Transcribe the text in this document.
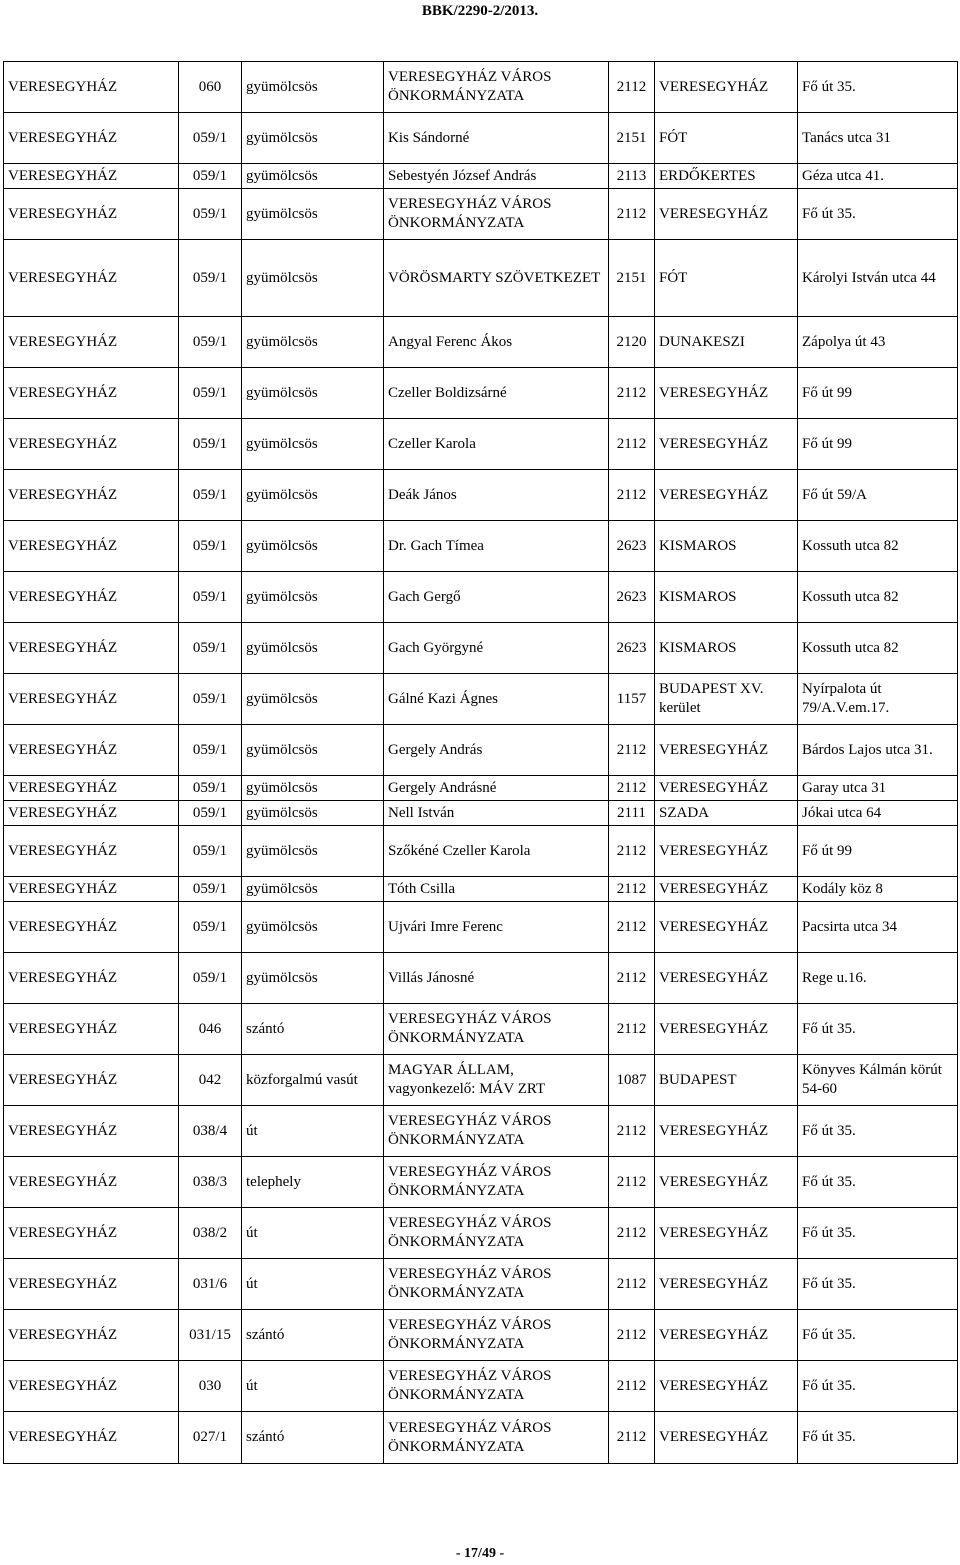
BBK/2290-2/2013.
VERESEGYHÁZ	060	gyümölcsös	VERESEGYHÁZ VÁROS ÖNKORMÁNYZATA	2112	VERESEGYHÁZ	Fő út 35.
VERESEGYHÁZ	059/1	gyümölcsös	Kis Sándorné	2151	FÓT	Tanács utca 31
VERESEGYHÁZ	059/1	gyümölcsös	Sebestyén József András	2113	ERDŐKERTES	Géza utca 41.
VERESEGYHÁZ	059/1	gyümölcsös	VERESEGYHÁZ VÁROS ÖNKORMÁNYZATA	2112	VERESEGYHÁZ	Fő út 35.
VERESEGYHÁZ	059/1	gyümölcsös	VÖRÖSMARTY SZÖVETKEZET	2151	FÓT	Károlyi István utca 44
VERESEGYHÁZ	059/1	gyümölcsös	Angyal Ferenc Ákos	2120	DUNAKESZI	Zápolya út 43
VERESEGYHÁZ	059/1	gyümölcsös	Czeller Boldizsárné	2112	VERESEGYHÁZ	Fő út 99
VERESEGYHÁZ	059/1	gyümölcsös	Czeller Karola	2112	VERESEGYHÁZ	Fő út 99
VERESEGYHÁZ	059/1	gyümölcsös	Deák János	2112	VERESEGYHÁZ	Fő út 59/A
VERESEGYHÁZ	059/1	gyümölcsös	Dr. Gach Tímea	2623	KISMAROS	Kossuth utca 82
VERESEGYHÁZ	059/1	gyümölcsös	Gach Gergő	2623	KISMAROS	Kossuth utca 82
VERESEGYHÁZ	059/1	gyümölcsös	Gach Györgyné	2623	KISMAROS	Kossuth utca 82
VERESEGYHÁZ	059/1	gyümölcsös	Gálné Kazi Ágnes	1157	BUDAPEST XV. kerület	Nyírpalota út 79/A.V.em.17.
VERESEGYHÁZ	059/1	gyümölcsös	Gergely András	2112	VERESEGYHÁZ	Bárdos Lajos utca 31.
VERESEGYHÁZ	059/1	gyümölcsös	Gergely Andrásné	2112	VERESEGYHÁZ	Garay utca 31
VERESEGYHÁZ	059/1	gyümölcsös	Nell István	2111	SZADA	Jókai utca 64
VERESEGYHÁZ	059/1	gyümölcsös	Szőkéné Czeller Karola	2112	VERESEGYHÁZ	Fő út 99
VERESEGYHÁZ	059/1	gyümölcsös	Tóth Csilla	2112	VERESEGYHÁZ	Kodály köz 8
VERESEGYHÁZ	059/1	gyümölcsös	Ujvári Imre Ferenc	2112	VERESEGYHÁZ	Pacsirta utca 34
VERESEGYHÁZ	059/1	gyümölcsös	Villás Jánosné	2112	VERESEGYHÁZ	Rege u.16.
VERESEGYHÁZ	046	szántó	VERESEGYHÁZ VÁROS ÖNKORMÁNYZATA	2112	VERESEGYHÁZ	Fő út 35.
VERESEGYHÁZ	042	közforgalmú vasút	MAGYAR ÁLLAM, vagyonkezelő: MÁV ZRT	1087	BUDAPEST	Könyves Kálmán körút 54-60
VERESEGYHÁZ	038/4	út	VERESEGYHÁZ VÁROS ÖNKORMÁNYZATA	2112	VERESEGYHÁZ	Fő út 35.
VERESEGYHÁZ	038/3	telephely	VERESEGYHÁZ VÁROS ÖNKORMÁNYZATA	2112	VERESEGYHÁZ	Fő út 35.
VERESEGYHÁZ	038/2	út	VERESEGYHÁZ VÁROS ÖNKORMÁNYZATA	2112	VERESEGYHÁZ	Fő út 35.
VERESEGYHÁZ	031/6	út	VERESEGYHÁZ VÁROS ÖNKORMÁNYZATA	2112	VERESEGYHÁZ	Fő út 35.
VERESEGYHÁZ	031/15	szántó	VERESEGYHÁZ VÁROS ÖNKORMÁNYZATA	2112	VERESEGYHÁZ	Fő út 35.
VERESEGYHÁZ	030	út	VERESEGYHÁZ VÁROS ÖNKORMÁNYZATA	2112	VERESEGYHÁZ	Fő út 35.
VERESEGYHÁZ	027/1	szántó	VERESEGYHÁZ VÁROS ÖNKORMÁNYZATA	2112	VERESEGYHÁZ	Fő út 35.
- 17/49 -
